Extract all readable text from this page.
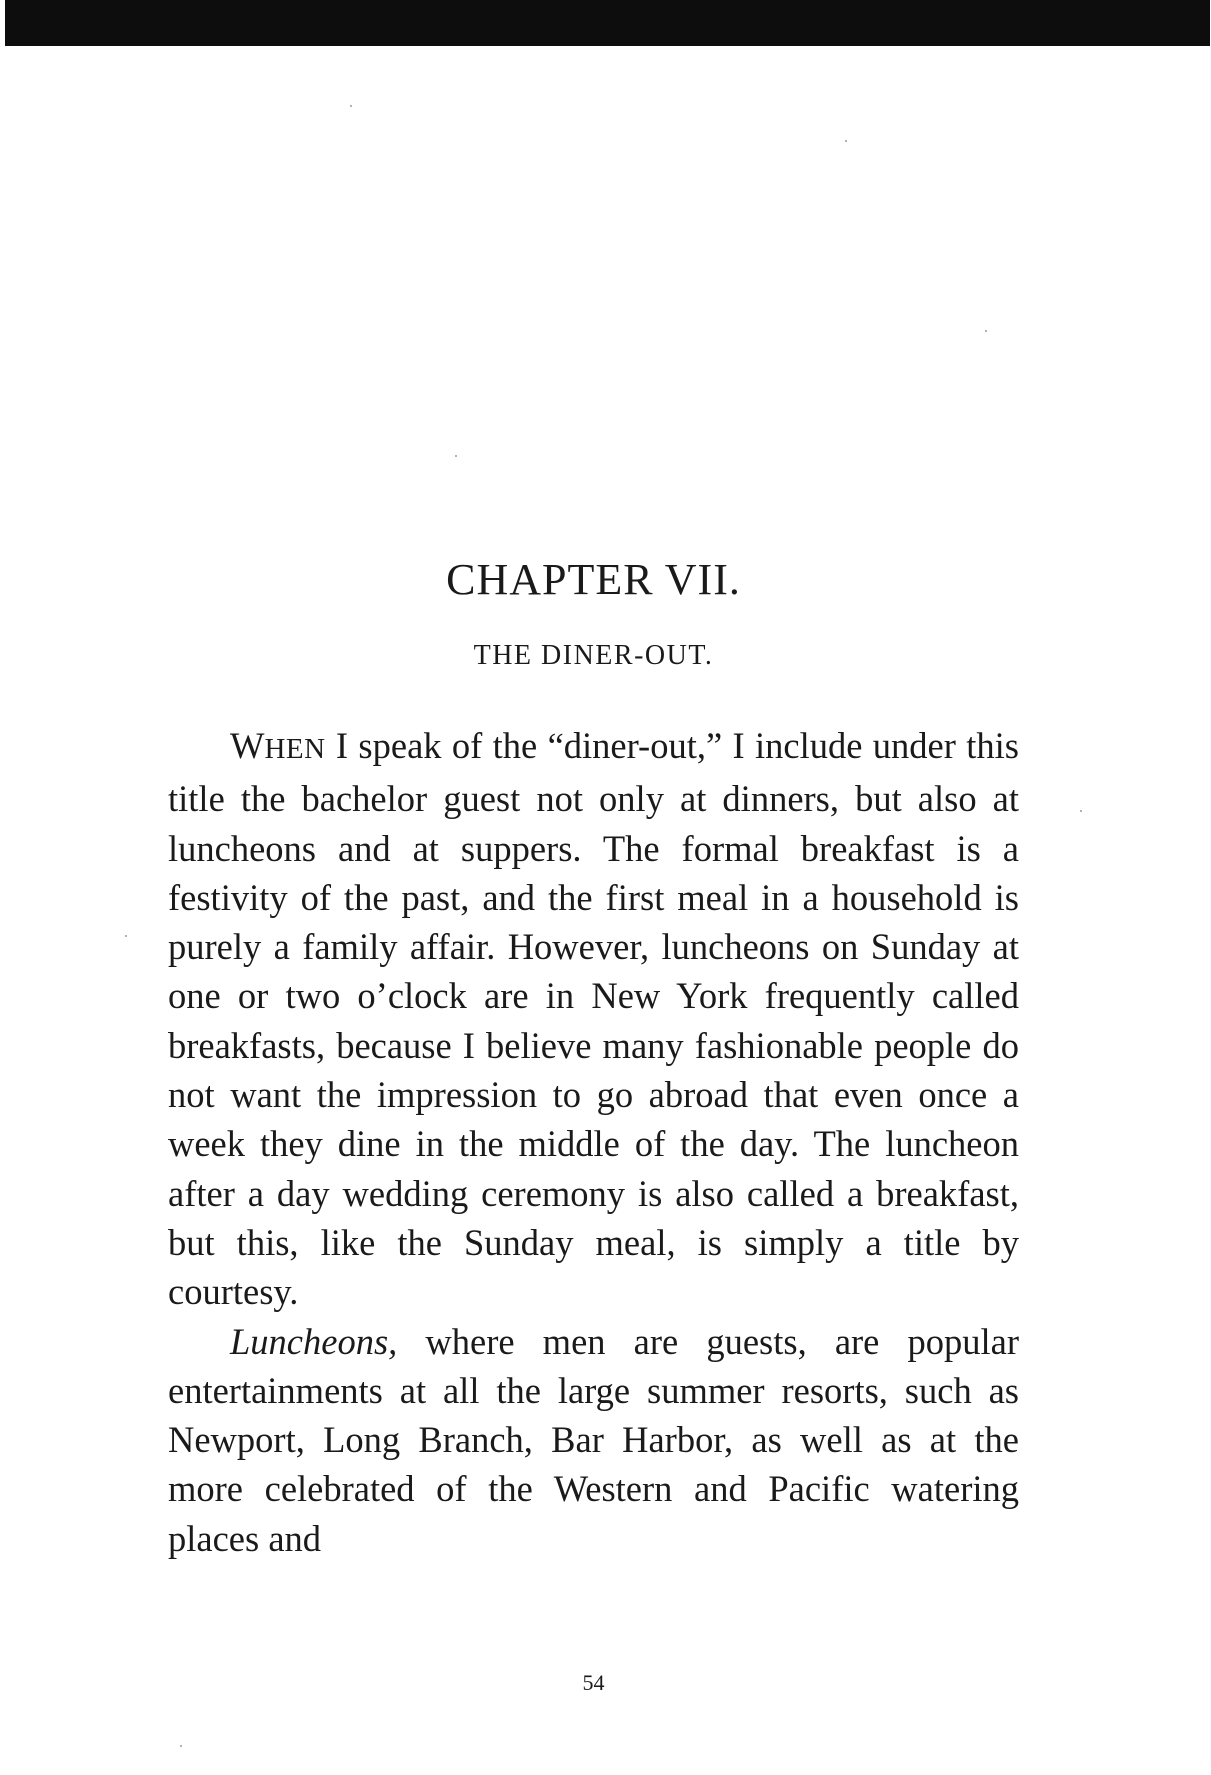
CHAPTER VII.
THE DINER-OUT.

WHEN I speak of the “diner-out,” I include under this title the bachelor guest not only at dinners, but also at luncheons and at suppers. The formal breakfast is a festivity of the past, and the first meal in a household is purely a family affair. However, luncheons on Sunday at one or two o’clock are in New York frequently called breakfasts, because I believe many fashionable people do not want the impression to go abroad that even once a week they dine in the middle of the day. The luncheon after a day wedding ceremony is also called a breakfast, but this, like the Sunday meal, is simply a title by courtesy.

Luncheons, where men are guests, are popular entertainments at all the large summer resorts, such as Newport, Long Branch, Bar Harbor, as well as at the more celebrated of the Western and Pacific watering places and

54
